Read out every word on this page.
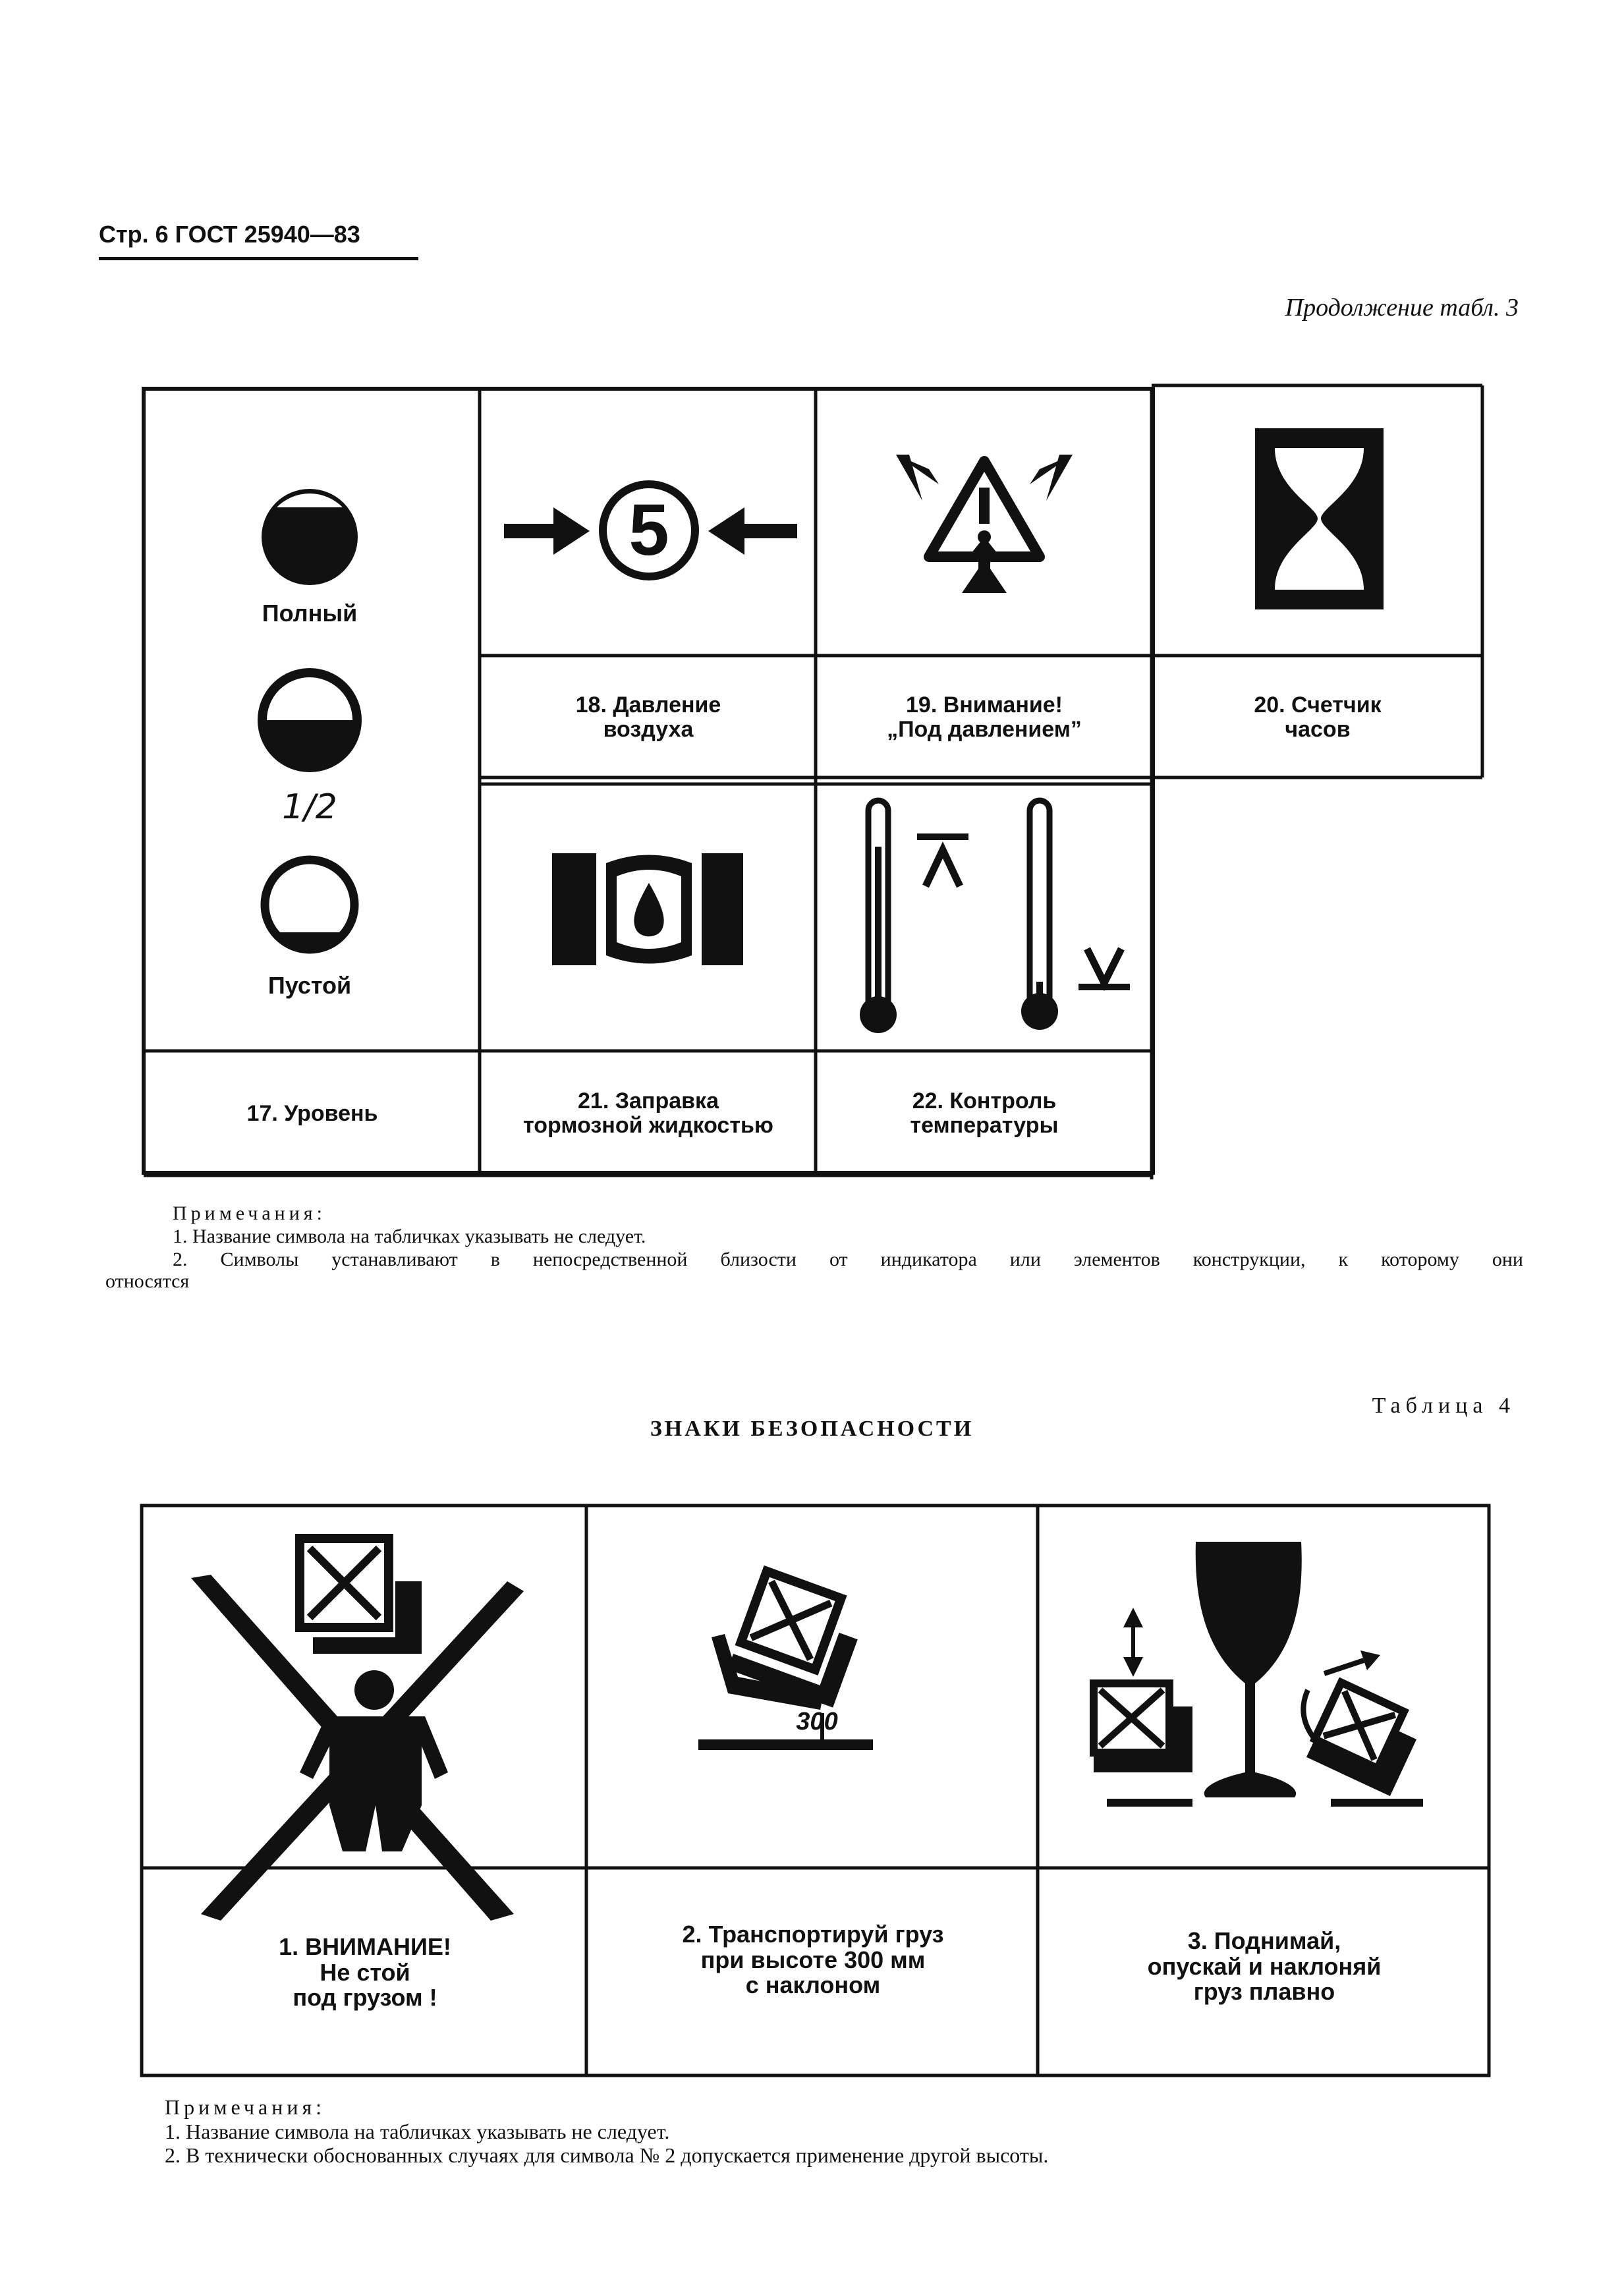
Стр. 6 ГОСТ 25940—83
Продолжение табл. 3
5
300
Полный
1/2
Пустой
17. Уровень
18. Давление
воздуха
19. Внимание!
„Под давлением”
20. Счетчик
часов
21. Заправка
тормозной жидкостью
22. Контроль
температуры
Примечания:
1. Название символа на табличках указывать не следует.
2. Символы устанавливают в непосредственной близости от индикатора или элементов конструкции, к которому они
относятся
Таблица 4
ЗНАКИ БЕЗОПАСНОСТИ
1. ВНИМАНИЕ!
Не стой
под грузом !
2. Транспортируй груз
при высоте 300 мм
с наклоном
3. Поднимай,
опускай и наклоняй
груз плавно
Примечания:
1. Название символа на табличках указывать не следует.
2. В технически обоснованных случаях для символа № 2 допускается применение другой высоты.
